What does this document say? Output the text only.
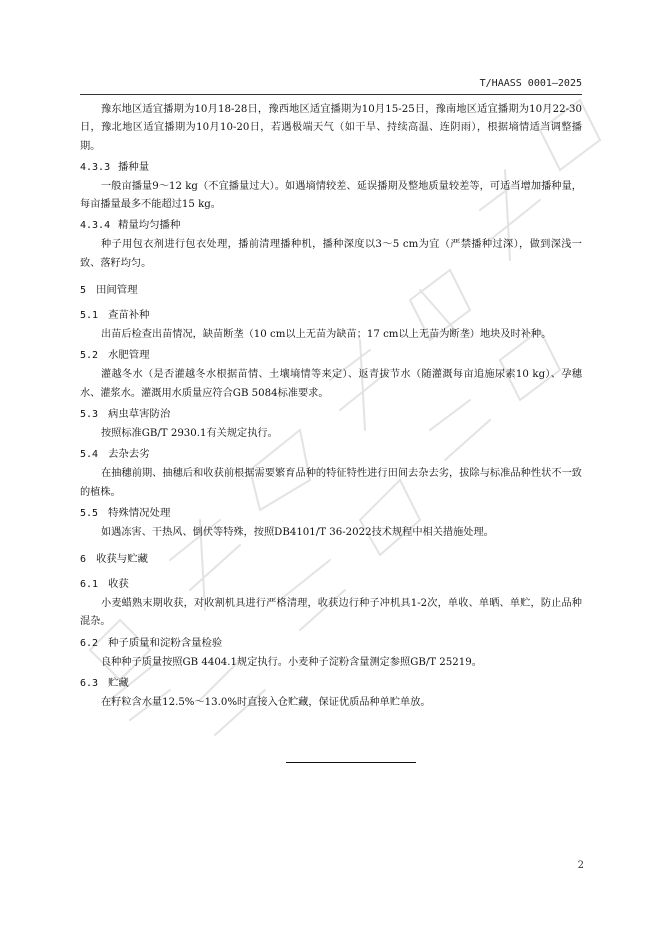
T/HAASS 0001—2025

豫东地区适宜播期为10月18-28日，豫西地区适宜播期为10月15-25日，豫南地区适宜播期为10月22-30日，豫北地区适宜播期为10月10-20日，若遇极端天气（如干旱、持续高温、连阴雨），根据墒情适当调整播期。

4.3.3 播种量

一般亩播量9～12 kg（不宜播量过大）。如遇墒情较差、延误播期及整地质量较差等，可适当增加播种量，每亩播量最多不能超过15 kg。

4.3.4 精量均匀播种

种子用包衣剂进行包衣处理，播前清理播种机，播种深度以3～5 cm为宜（严禁播种过深），做到深浅一致、落籽均匀。

5 田间管理
5.1 查苗补种

出苗后检查出苗情况，缺苗断垄（10 cm以上无苗为缺苗；17 cm以上无苗为断垄）地块及时补种。

5.2 水肥管理

灌越冬水（是否灌越冬水根据苗情、土壤墒情等来定）、返青拔节水（随灌溉每亩追施尿素10 kg）、孕穗水、灌浆水。灌溉用水质量应符合GB 5084标准要求。

5.3 病虫草害防治

按照标准GB/T 2930.1有关规定执行。

5.4 去杂去劣

在抽穗前期、抽穗后和收获前根据需要繁育品种的特征特性进行田间去杂去劣，拔除与标准品种性状不一致的植株。

5.5 特殊情况处理

如遇冻害、干热风、倒伏等特殊，按照DB4101/T 36-2022技术规程中相关措施处理。

6 收获与贮藏
6.1 收获

小麦蜡熟末期收获，对收割机具进行严格清理，收获边行种子冲机具1-2次，单收、单晒、单贮，防止品种混杂。

6.2 种子质量和淀粉含量检验

良种种子质量按照GB 4404.1规定执行。小麦种子淀粉含量测定参照GB/T 25219。

6.3 贮藏

在籽粒含水量12.5%～13.0%时直接入仓贮藏，保证优质品种单贮单放。

2
